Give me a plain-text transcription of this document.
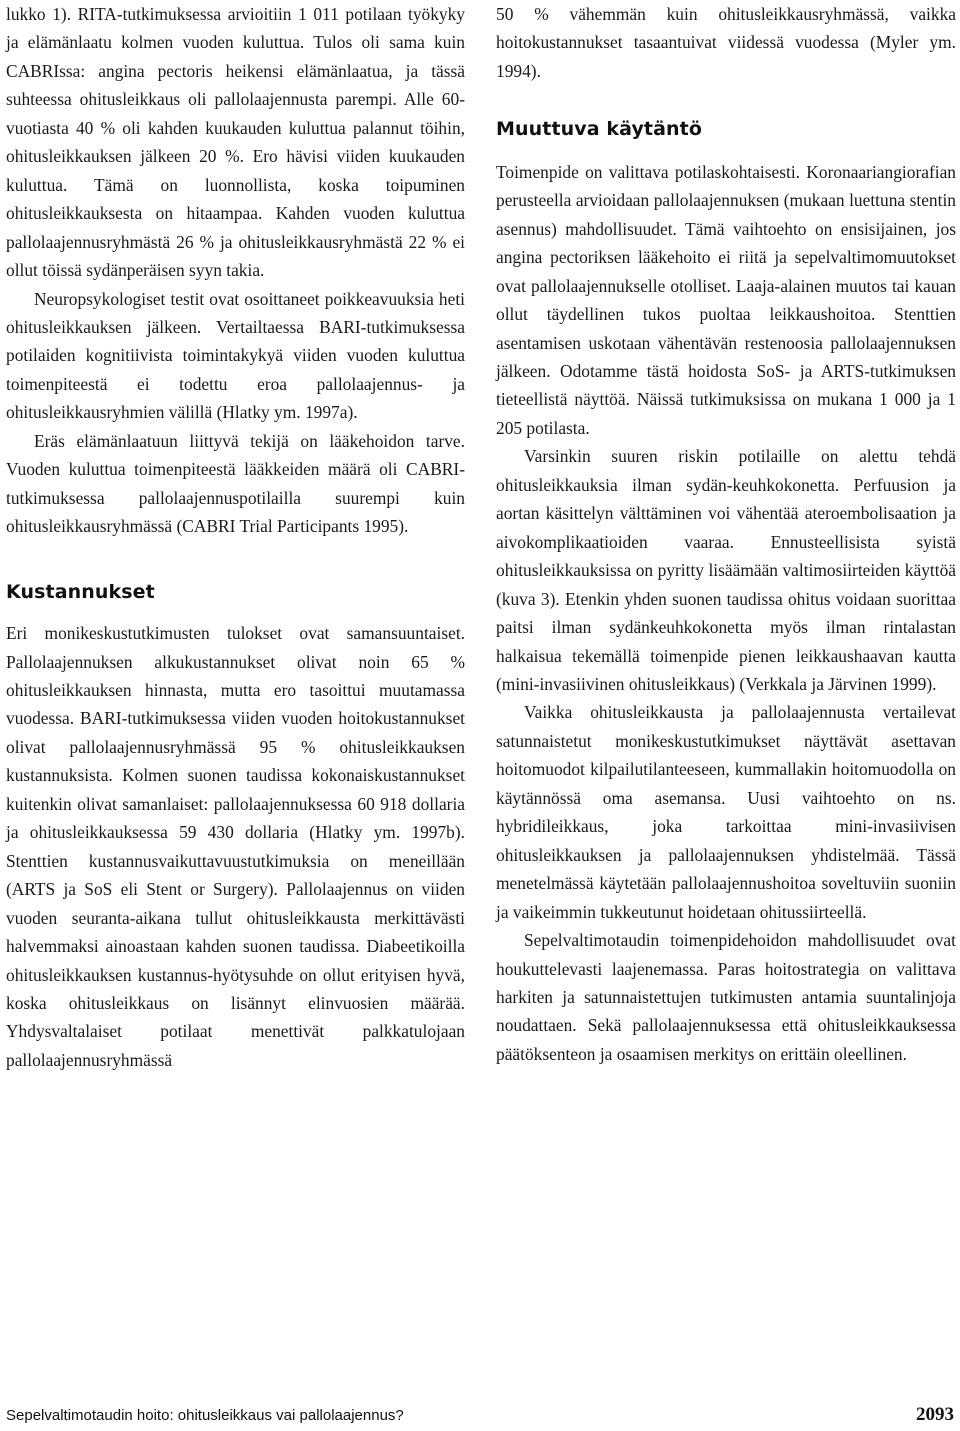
lukko 1). RITA-tutkimuksessa arvioitiin 1 011 potilaan työkyky ja elämänlaatu kolmen vuoden kuluttua. Tulos oli sama kuin CABRIssa: angina pectoris heikensi elämänlaatua, ja tässä suhteessa ohitusleikkaus oli pallolaajennusta parempi. Alle 60-vuotiasta 40 % oli kahden kuukauden kuluttua palannut töihin, ohitusleikkauksen jälkeen 20 %. Ero hävisi viiden kuukauden kuluttua. Tämä on luonnollista, koska toipuminen ohitusleikkauksesta on hitaampaa. Kahden vuoden kuluttua pallolaajennusryhmästä 26 % ja ohitusleikkausryhmästä 22 % ei ollut töissä sydänperäisen syyn takia.

Neuropsykologiset testit ovat osoittaneet poikkeavuuksia heti ohitusleikkauksen jälkeen. Vertailtaessa BARI-tutkimuksessa potilaiden kognitiivista toimintakykyä viiden vuoden kuluttua toimenpiteestä ei todettu eroa pallolaajennus- ja ohitusleikkausryhmien välillä (Hlatky ym. 1997a).

Eräs elämänlaatuun liittyvä tekijä on lääkehoidon tarve. Vuoden kuluttua toimenpiteestä lääkkeiden määrä oli CABRI-tutkimuksessa pallolaajennuspotilailla suurempi kuin ohitusleikkausryhmässä (CABRI Trial Participants 1995).

Kustannukset

Eri monikeskustutkimusten tulokset ovat samansuuntaiset. Pallolaajennuksen alkukustannukset olivat noin 65 % ohitusleikkauksen hinnasta, mutta ero tasoittui muutamassa vuodessa. BARI-tutkimuksessa viiden vuoden hoitokustannukset olivat pallolaajennusryhmässä 95 % ohitusleikkauksen kustannuksista. Kolmen suonen taudissa kokonaiskustannukset kuitenkin olivat samanlaiset: pallolaajennuksessa 60 918 dollaria ja ohitusleikkauksessa 59 430 dollaria (Hlatky ym. 1997b). Stenttien kustannusvaikuttavuustutkimuksia on meneillään (ARTS ja SoS eli Stent or Surgery). Pallolaajennus on viiden vuoden seuranta-aikana tullut ohitusleikkausta merkittävästi halvemmaksi ainoastaan kahden suonen taudissa. Diabeetikoilla ohitusleikkauksen kustannus-hyötysuhde on ollut erityisen hyvä, koska ohitusleikkaus on lisännyt elinvuosien määrää. Yhdysvaltalaiset potilaat menettivät palkkatulojaan pallolaajennusryhmässä

50 % vähemmän kuin ohitusleikkausryhmässä, vaikka hoitokustannukset tasaantuivat viidessä vuodessa (Myler ym. 1994).

Muuttuva käytäntö

Toimenpide on valittava potilaskohtaisesti. Koronaariangiorafian perusteella arvioidaan pallolaajennuksen (mukaan luettuna stentin asennus) mahdollisuudet. Tämä vaihtoehto on ensisijainen, jos angina pectoriksen lääkehoito ei riitä ja sepelvaltimomuutokset ovat pallolaajennukselle otolliset. Laaja-alainen muutos tai kauan ollut täydellinen tukos puoltaa leikkaushoitoa. Stenttien asentamisen uskotaan vähentävän restenoosia pallolaajennuksen jälkeen. Odotamme tästä hoidosta SoS- ja ARTS-tutkimuksen tieteellistä näyttöä. Näissä tutkimuksissa on mukana 1 000 ja 1 205 potilasta.

Varsinkin suuren riskin potilaille on alettu tehdä ohitusleikkauksia ilman sydän-keuhkokonetta. Perfuusion ja aortan käsittelyn välttäminen voi vähentää ateroembolisaation ja aivokomplikaatioiden vaaraa. Ennusteellisista syistä ohitusleikkauksissa on pyritty lisäämään valtimosiirteiden käyttöä (kuva 3). Etenkin yhden suonen taudissa ohitus voidaan suorittaa paitsi ilman sydänkeuhkokonetta myös ilman rintalastan halkaisua tekemällä toimenpide pienen leikkaushaavan kautta (mini-invasiivinen ohitusleikkaus) (Verkkala ja Järvinen 1999).

Vaikka ohitusleikkausta ja pallolaajennusta vertailevat satunnaistetut monikeskustutkimukset näyttävät asettavan hoitomuodot kilpailutilanteeseen, kummallakin hoitomuodolla on käytännössä oma asemansa. Uusi vaihtoehto on ns. hybridileikkaus, joka tarkoittaa mini-invasiivisen ohitusleikkauksen ja pallolaajennuksen yhdistelmää. Tässä menetelmässä käytetään pallolaajennushoitoa soveltuviin suoniin ja vaikeimmin tukkeutunut hoidetaan ohitussiirteellä.

Sepelvaltimotaudin toimenpidehoidon mahdollisuudet ovat houkuttelevasti laajenemassa. Paras hoitostrategia on valittava harkiten ja satunnaistettujen tutkimusten antamia suuntalinjoja noudattaen. Sekä pallolaajennuksessa että ohitusleikkauksessa päätöksenteon ja osaamisen merkitys on erittäin oleellinen.

Sepelvaltimotaudin hoito: ohitusleikkaus vai pallolaajennus?	2093
